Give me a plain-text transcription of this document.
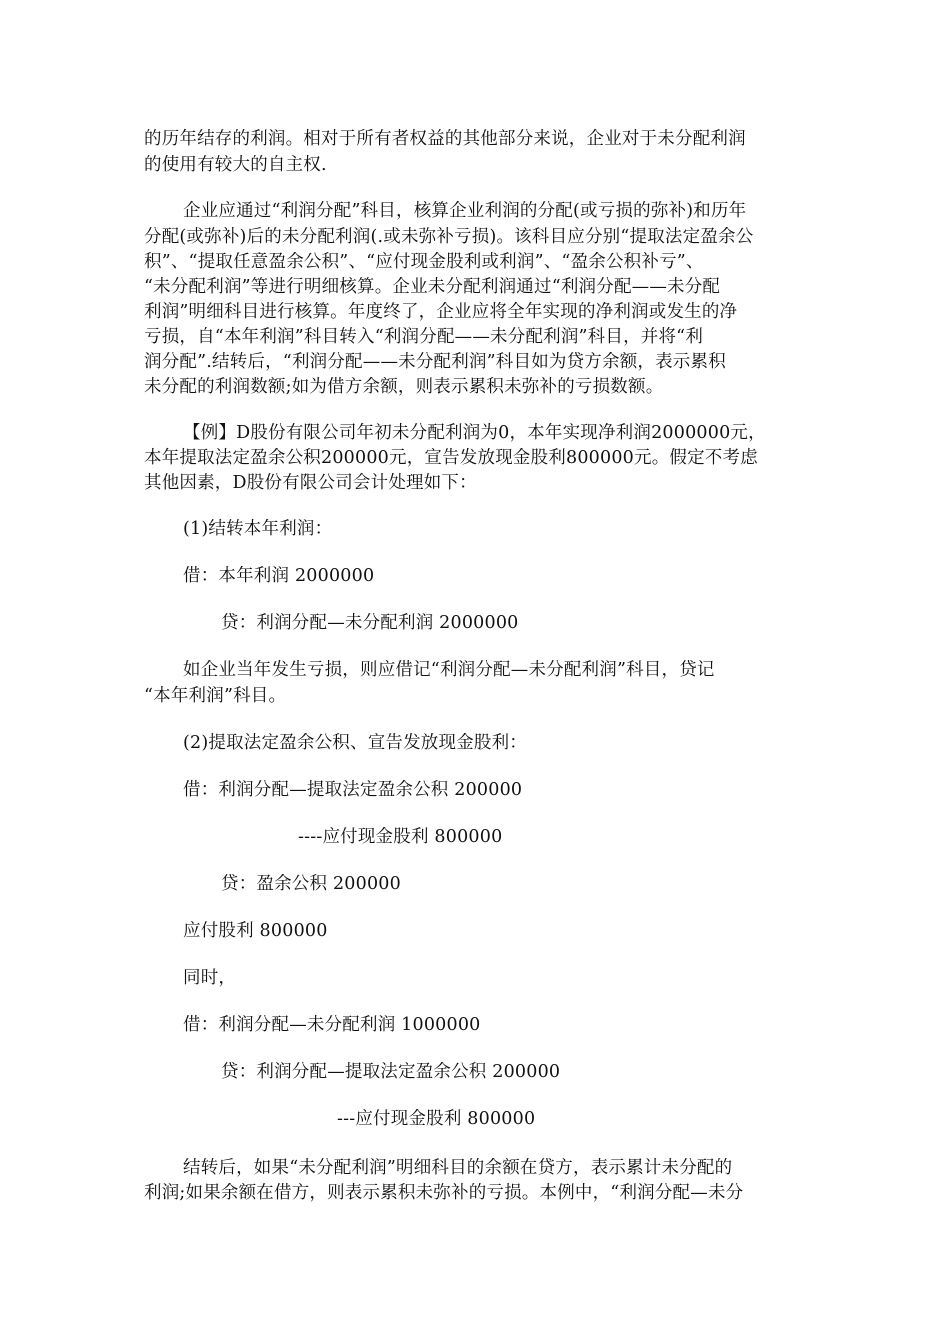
的历年结存的利润。相对于所有者权益的其他部分来说，企业对于未分配利润
的使用有较大的自主权.
企业应通过“利润分配”科目，核算企业利润的分配(或亏损的弥补)和历年
分配(或弥补)后的未分配利润(.或未弥补亏损)。该科目应分别“提取法定盈余公
积”、“提取任意盈余公积”、“应付现金股利或利润”、“盈余公积补亏”、
“未分配利润”等进行明细核算。企业未分配利润通过“利润分配——未分配
利润”明细科目进行核算。年度终了，企业应将全年实现的净利润或发生的净
亏损，自“本年利润”科目转入“利润分配——未分配利润”科目，并将“利
润分配”.结转后，“利润分配——未分配利润”科目如为贷方余额，表示累积
未分配的利润数额;如为借方余额，则表示累积未弥补的亏损数额。
【例】D股份有限公司年初未分配利润为0，本年实现净利润2000000元，
本年提取法定盈余公积200000元，宣告发放现金股利800000元。假定不考虑
其他因素，D股份有限公司会计处理如下：
(1)结转本年利润：
借：本年利润 2000000
贷：利润分配—未分配利润 2000000
如企业当年发生亏损，则应借记“利润分配—未分配利润”科目，贷记
“本年利润”科目。
(2)提取法定盈余公积、宣告发放现金股利：
借：利润分配—提取法定盈余公积 200000
----应付现金股利 800000
贷：盈余公积 200000
应付股利 800000
同时，
借：利润分配—未分配利润 1000000
贷：利润分配—提取法定盈余公积 200000
---应付现金股利 800000
结转后，如果“未分配利润”明细科目的余额在贷方，表示累计未分配的
利润;如果余额在借方，则表示累积未弥补的亏损。本例中，“利润分配—未分
